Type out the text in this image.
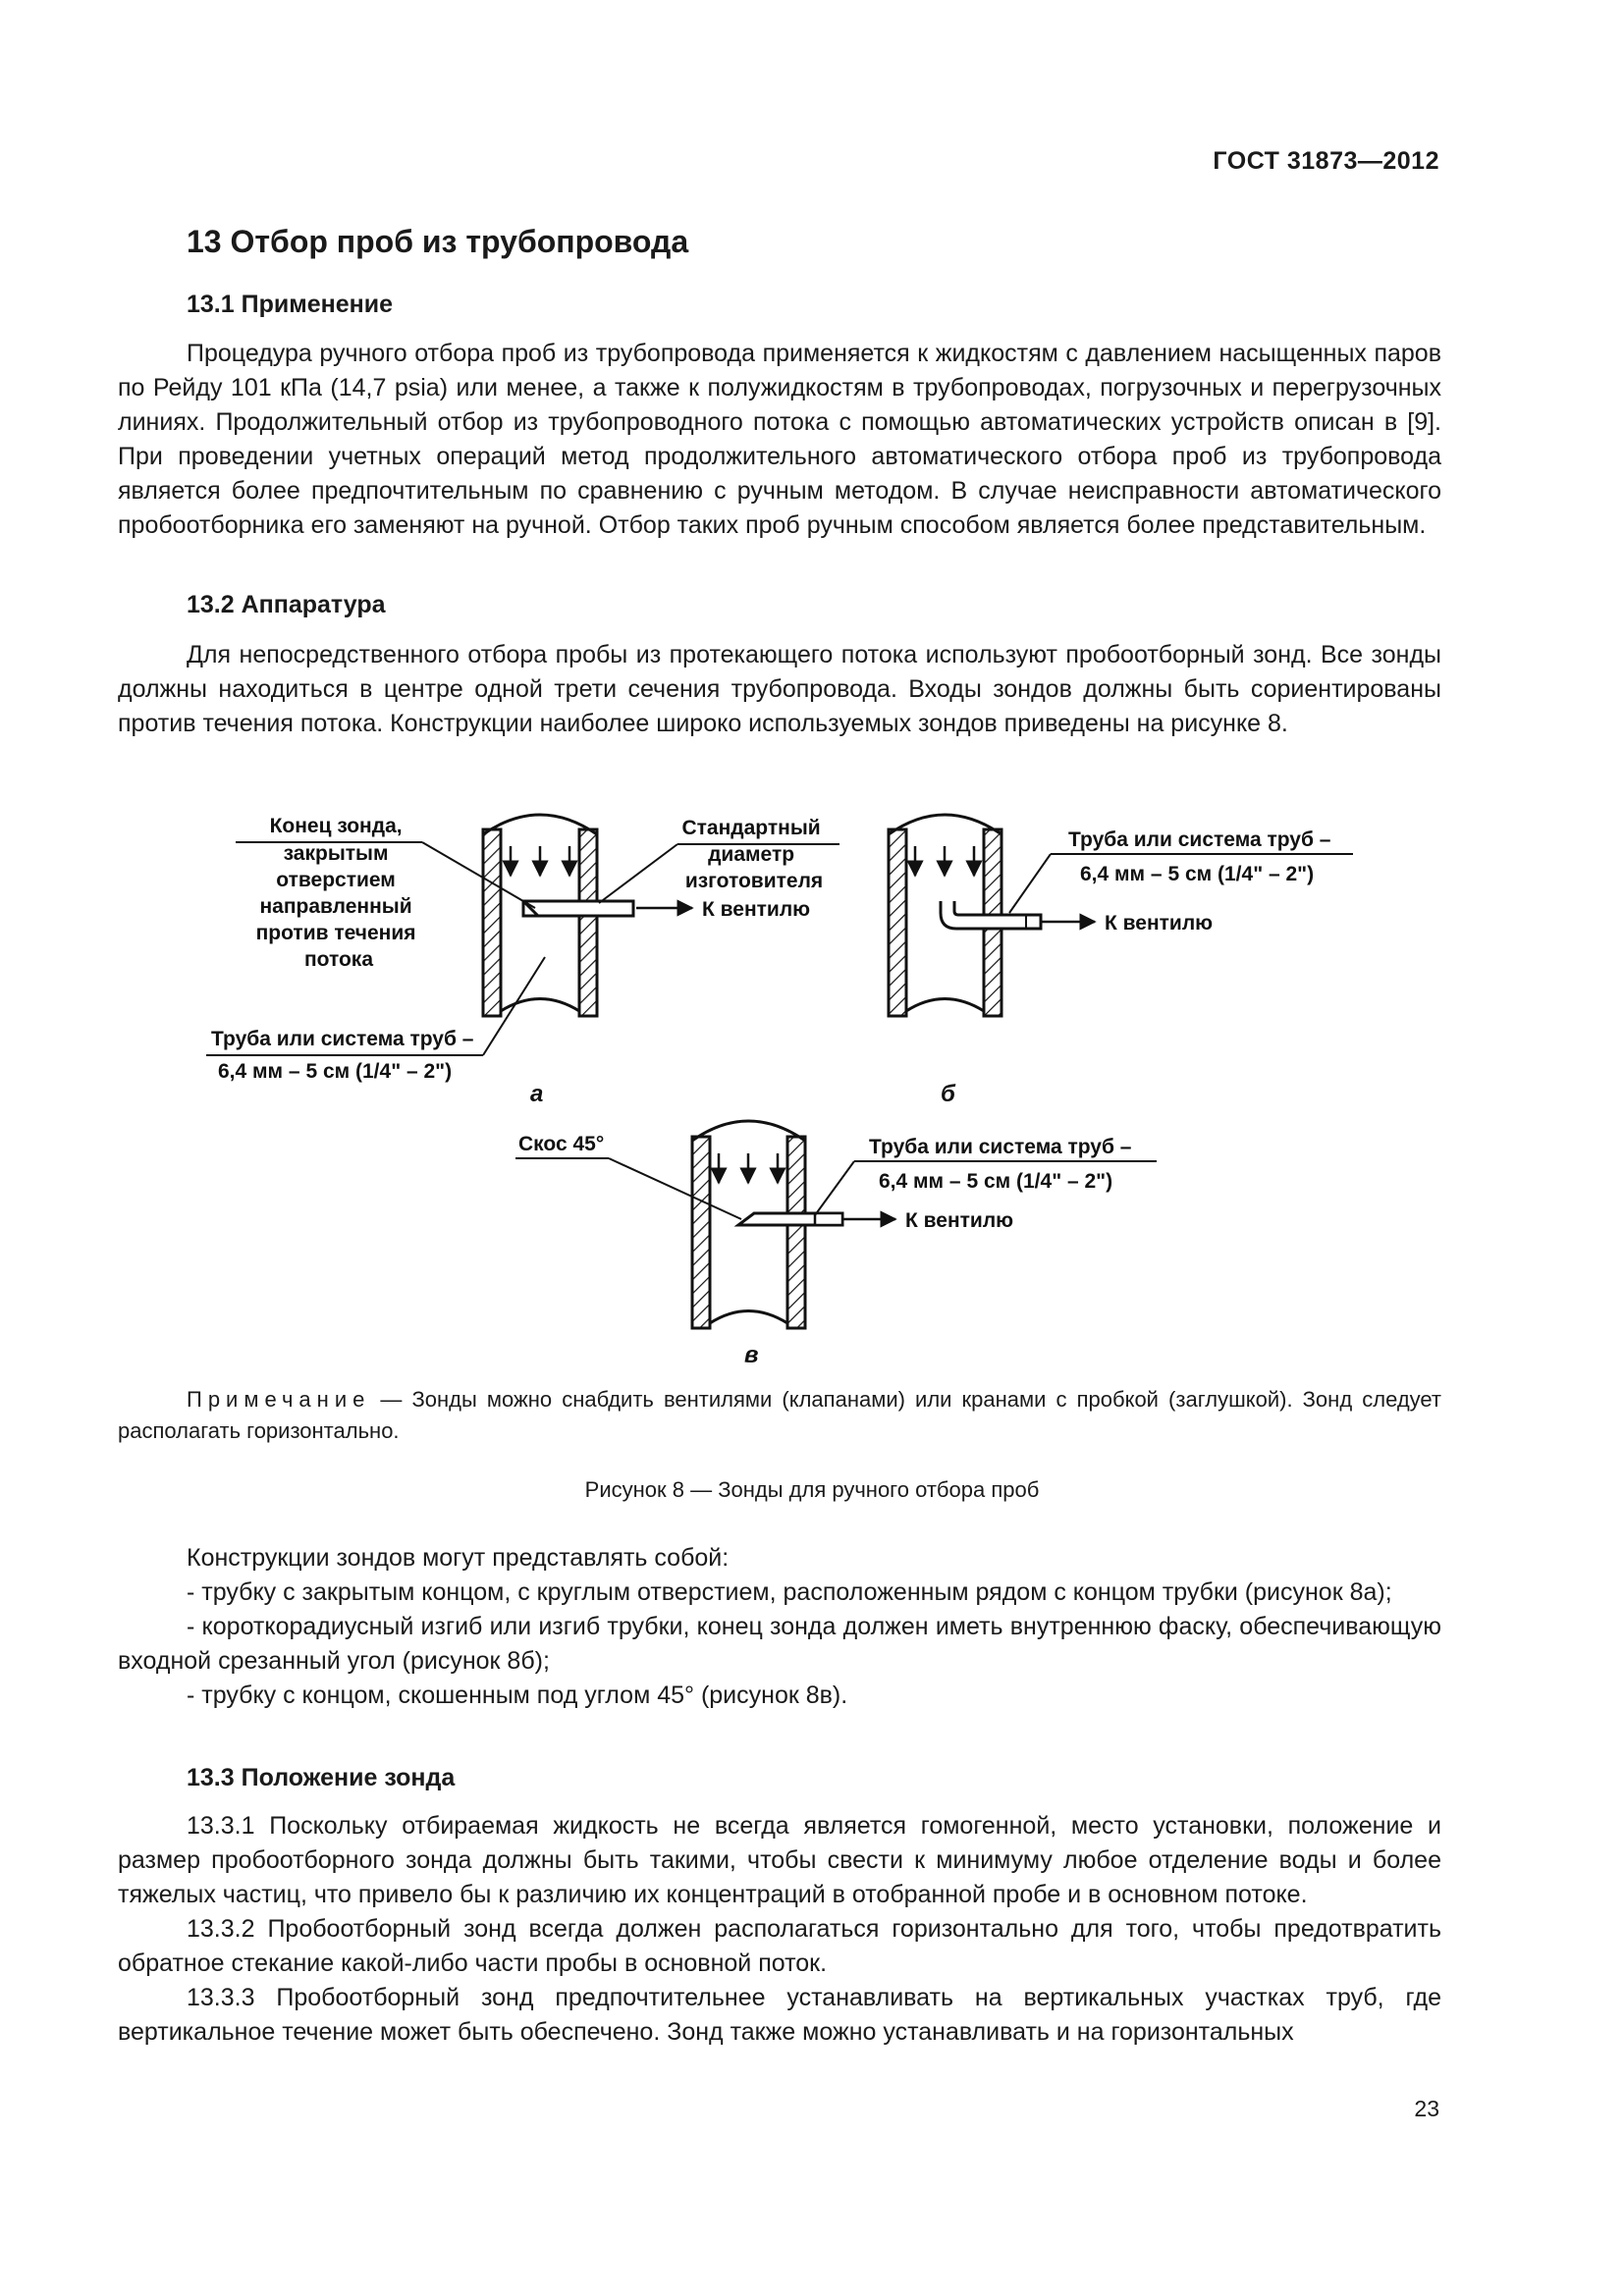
ГОСТ 31873—2012
13 Отбор проб из трубопровода
13.1 Применение

Процедура ручного отбора проб из трубопровода применяется к жидкостям с давлением насыщенных паров по Рейду 101 кПа (14,7 psia) или менее, а также к полужидкостям в трубопроводах, погрузочных и перегрузочных линиях. Продолжительный отбор из трубопроводного потока с помощью автоматических устройств описан в [9]. При проведении учетных операций метод продолжительного автоматического отбора проб из трубопровода является более предпочтительным по сравнению с ручным методом. В случае неисправности автоматического пробоотборника его заменяют на ручной. Отбор таких проб ручным способом является более представительным.

13.2 Аппаратура

Для непосредственного отбора пробы из протекающего потока используют пробоотборный зонд. Все зонды должны находиться в центре одной трети сечения трубопровода. Входы зондов должны быть сориентированы против течения потока. Конструкции наиболее широко используемых зондов приведены на рисунке 8.

Конец зонда, закрытым отверстием направленный против течения потока
Стандартный диаметр изготовителя
К вентилю
Труба или система труб –
6,4 мм – 5 см (1/4" – 2")
а
Труба или система труб –
6,4 мм – 5 см (1/4" – 2")
К вентилю
б
Скос 45°	Труба или система труб –
6,4 мм – 5 см (1/4" – 2")
К вентилю
в

Примечание — Зонды можно снабдить вентилями (клапанами) или кранами с пробкой (заглушкой). Зонд следует располагать горизонтально.

Рисунок 8 — Зонды для ручного отбора проб

Конструкции зондов могут представлять собой:

- трубку с закрытым концом, с круглым отверстием, расположенным рядом с концом трубки (рисунок 8а);

- короткорадиусный изгиб или изгиб трубки, конец зонда должен иметь внутреннюю фаску, обеспечивающую входной срезанный угол (рисунок 8б);

- трубку с концом, скошенным под углом 45° (рисунок 8в).

13.3 Положение зонда

13.3.1 Поскольку отбираемая жидкость не всегда является гомогенной, место установки, положение и размер пробоотборного зонда должны быть такими, чтобы свести к минимуму любое отделение воды и более тяжелых частиц, что привело бы к различию их концентраций в отобранной пробе и в основном потоке.

13.3.2 Пробоотборный зонд всегда должен располагаться горизонтально для того, чтобы предотвратить обратное стекание какой-либо части пробы в основной поток.

13.3.3 Пробоотборный зонд предпочтительнее устанавливать на вертикальных участках труб, где вертикальное течение может быть обеспечено. Зонд также можно устанавливать и на горизонтальных

23
